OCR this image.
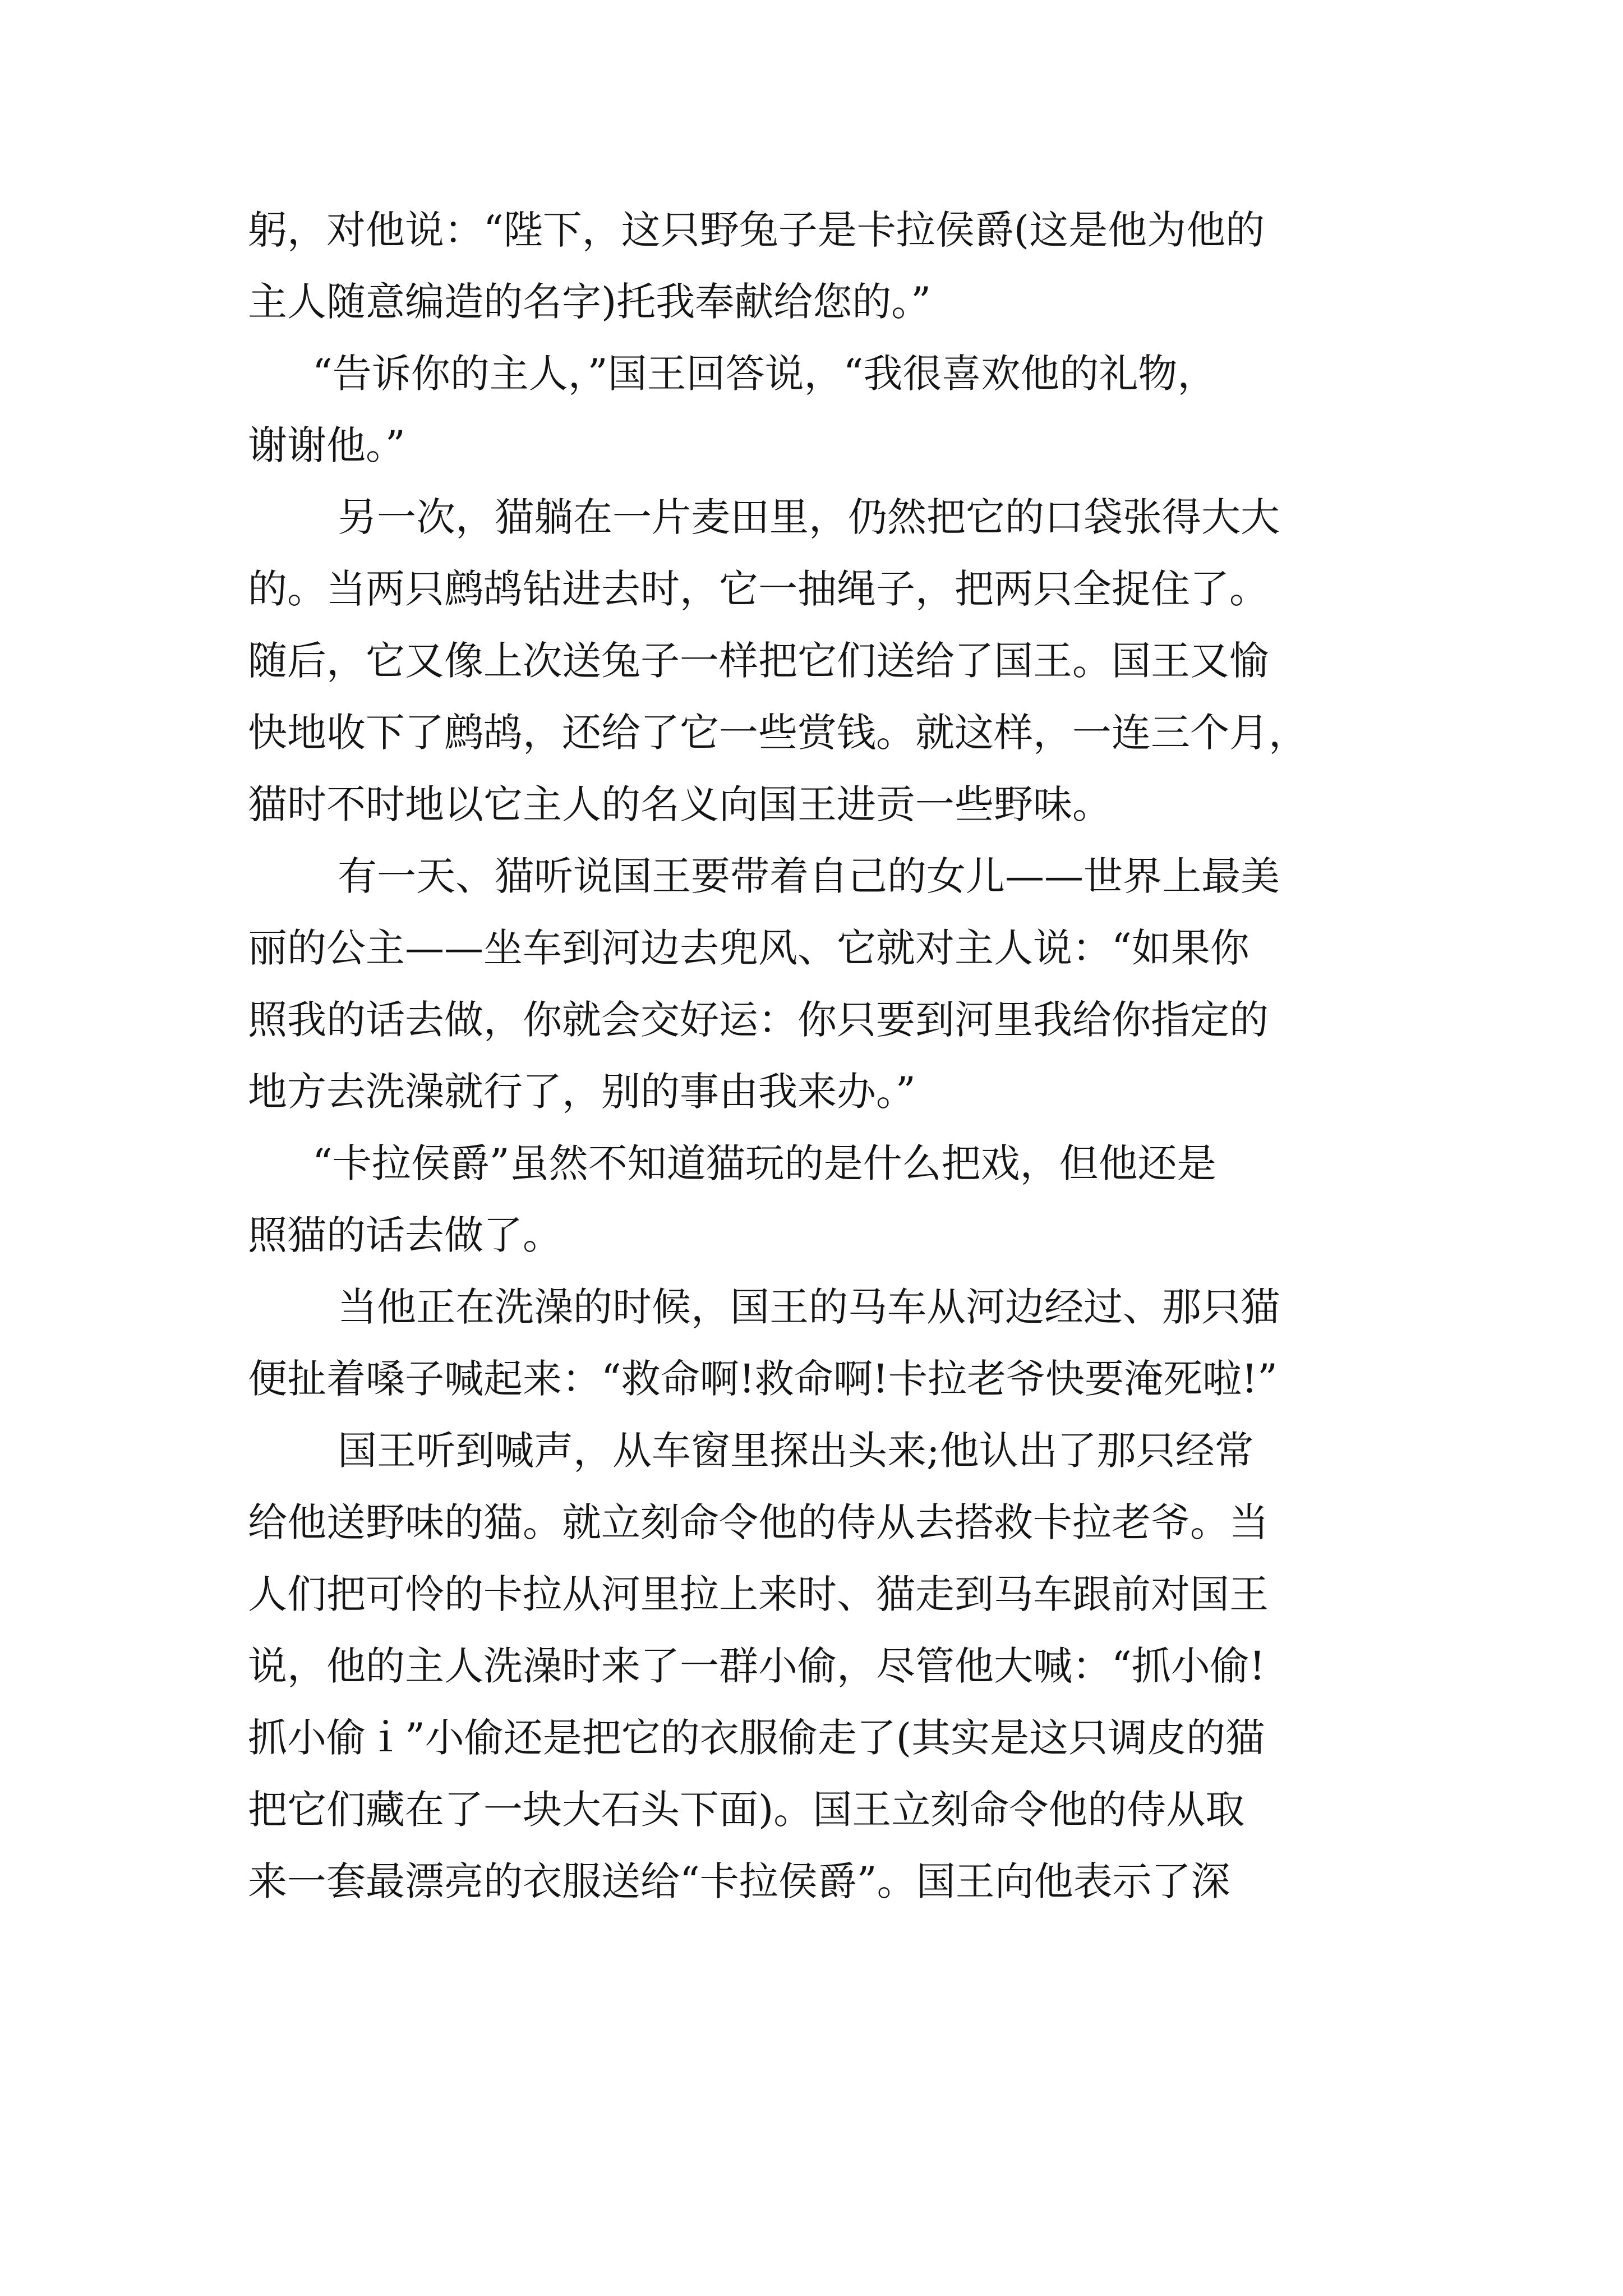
躬，对他说：“陛下，这只野兔子是卡拉侯爵(这是他为他的
主人随意编造的名字)托我奉献给您的。”
“告诉你的主人，”国王回答说，“我很喜欢他的礼物，
谢谢他。”
另一次，猫躺在一片麦田里，仍然把它的口袋张得大大
的。当两只鹧鸪钻进去时，它一抽绳子，把两只全捉住了。
随后，它又像上次送兔子一样把它们送给了国王。国王又愉
快地收下了鹧鸪，还给了它一些赏钱。就这样，一连三个月，
猫时不时地以它主人的名义向国王进贡一些野味。
有一天、猫听说国王要带着自己的女儿——世界上最美
丽的公主——坐车到河边去兜风、它就对主人说：“如果你
照我的话去做，你就会交好运：你只要到河里我给你指定的
地方去洗澡就行了，别的事由我来办。”
“卡拉侯爵”虽然不知道猫玩的是什么把戏，但他还是
照猫的话去做了。
当他正在洗澡的时候，国王的马车从河边经过、那只猫
便扯着嗓子喊起来：“救命啊!救命啊!卡拉老爷快要淹死啦!”
国王听到喊声，从车窗里探出头来;他认出了那只经常
给他送野味的猫。就立刻命令他的侍从去搭救卡拉老爷。当
人们把可怜的卡拉从河里拉上来时、猫走到马车跟前对国王
说，他的主人洗澡时来了一群小偷，尽管他大喊：“抓小偷!
抓小偷ｉ”小偷还是把它的衣服偷走了(其实是这只调皮的猫
把它们藏在了一块大石头下面)。国王立刻命令他的侍从取
来一套最漂亮的衣服送给“卡拉侯爵”。国王向他表示了深
